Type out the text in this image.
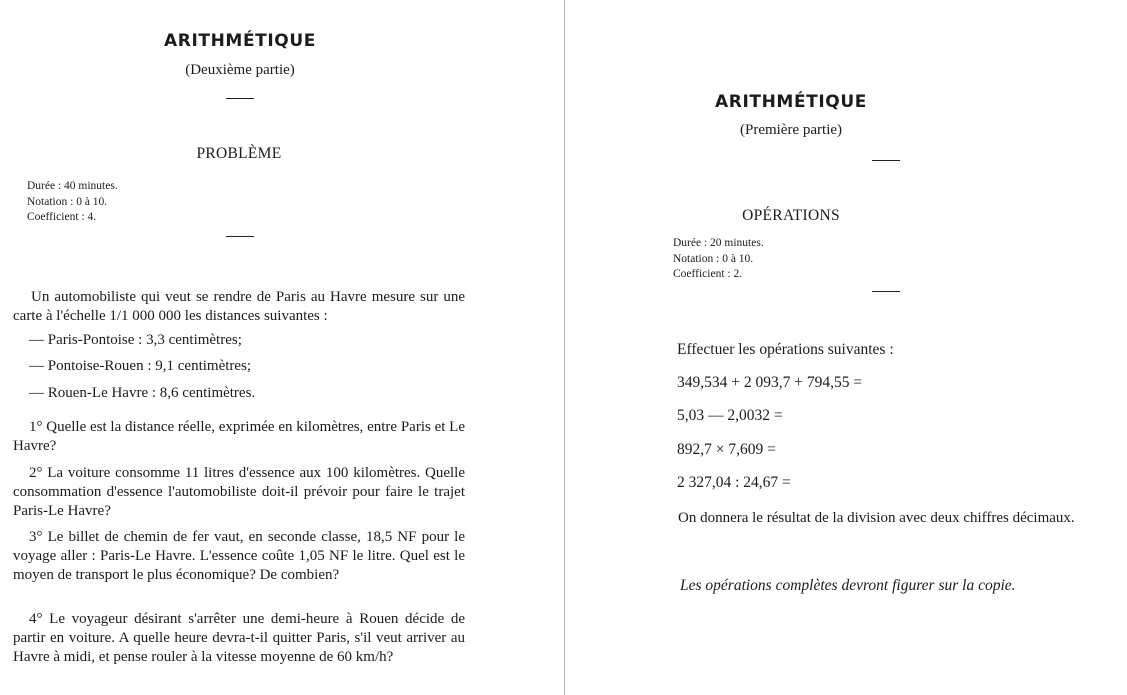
ARITHMÉTIQUE
(Deuxième partie)
PROBLÈME
Durée : 40 minutes.
Notation : 0 à 10.
Coefficient : 4.
Un automobiliste qui veut se rendre de Paris au Havre mesure sur une carte à l'échelle 1/1 000 000 les distances suivantes :
— Paris-Pontoise : 3,3 centimètres;
— Pontoise-Rouen : 9,1 centimètres;
— Rouen-Le Havre : 8,6 centimètres.
1° Quelle est la distance réelle, exprimée en kilomètres, entre Paris et Le Havre?
2° La voiture consomme 11 litres d'essence aux 100 kilomètres. Quelle consommation d'essence l'automobiliste doit-il prévoir pour faire le trajet Paris-Le Havre?
3° Le billet de chemin de fer vaut, en seconde classe, 18,5 NF pour le voyage aller : Paris-Le Havre. L'essence coûte 1,05 NF le litre. Quel est le moyen de transport le plus économique? De combien?
4° Le voyageur désirant s'arrêter une demi-heure à Rouen décide de partir en voiture. A quelle heure devra-t-il quitter Paris, s'il veut arriver au Havre à midi, et pense rouler à la vitesse moyenne de 60 km/h?
ARITHMÉTIQUE
(Première partie)
OPÉRATIONS
Durée : 20 minutes.
Notation : 0 à 10.
Coefficient : 2.
Effectuer les opérations suivantes :
349,534 + 2 093,7 + 794,55 =
5,03 — 2,0032 =
892,7 × 7,609 =
2 327,04 : 24,67 =
On donnera le résultat de la division avec deux chiffres décimaux.
Les opérations complètes devront figurer sur la copie.
